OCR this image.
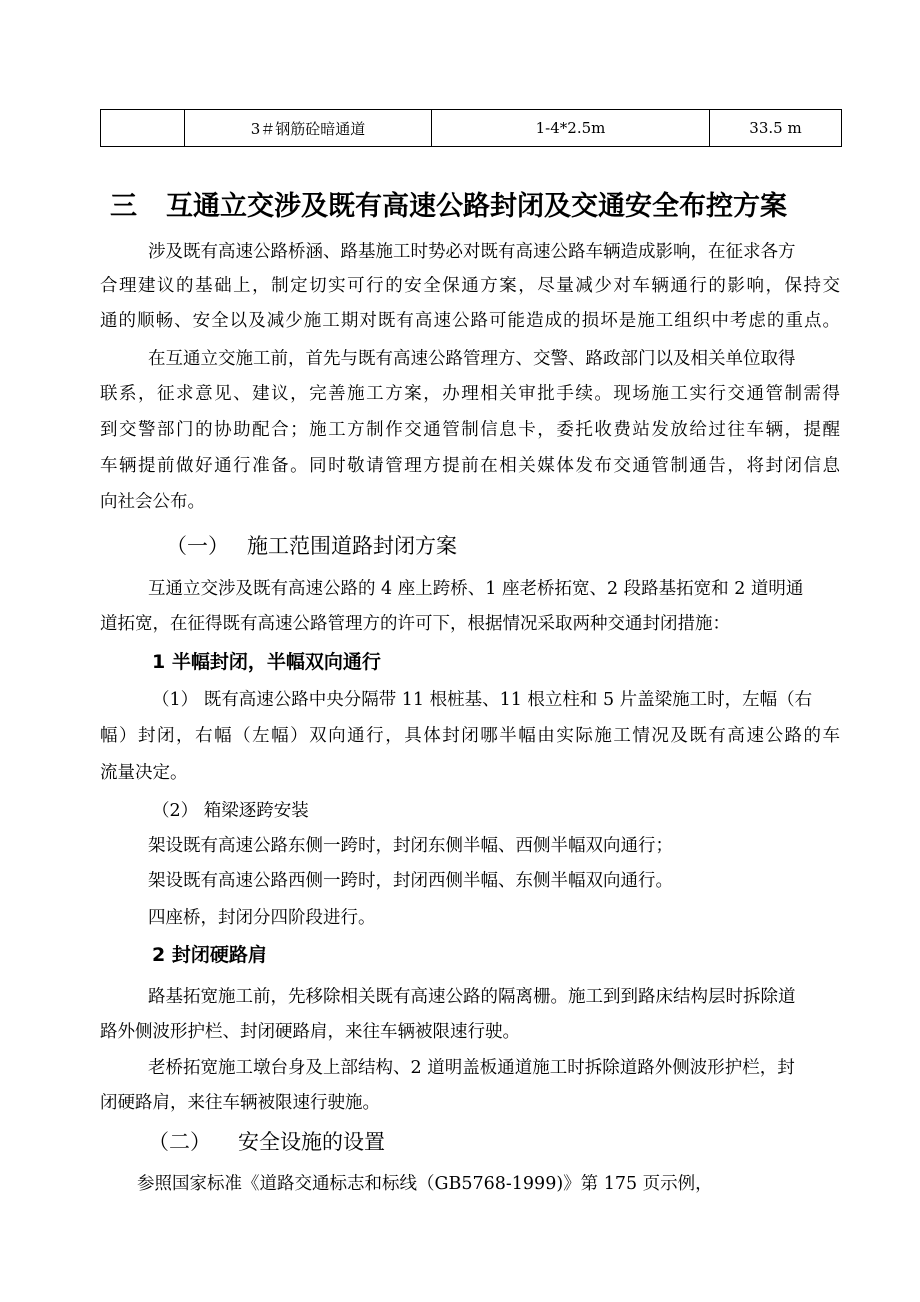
	3＃钢筋砼暗通道	1-4*2.5m	33.5 m
三 互通立交涉及既有高速公路封闭及交通安全布控方案
涉及既有高速公路桥涵、路基施工时势必对既有高速公路车辆造成影响，在征求各方
合理建议的基础上，制定切实可行的安全保通方案，尽量减少对车辆通行的影响，保持交
通的顺畅、安全以及减少施工期对既有高速公路可能造成的损坏是施工组织中考虑的重点。
在互通立交施工前，首先与既有高速公路管理方、交警、路政部门以及相关单位取得
联系，征求意见、建议，完善施工方案，办理相关审批手续。现场施工实行交通管制需得
到交警部门的协助配合；施工方制作交通管制信息卡，委托收费站发放给过往车辆，提醒
车辆提前做好通行准备。同时敬请管理方提前在相关媒体发布交通管制通告，将封闭信息
向社会公布。
（一） 施工范围道路封闭方案
互通立交涉及既有高速公路的 4 座上跨桥、1 座老桥拓宽、2 段路基拓宽和 2 道明通
道拓宽，在征得既有高速公路管理方的许可下，根据情况采取两种交通封闭措施：
1 半幅封闭，半幅双向通行
（1） 既有高速公路中央分隔带 11 根桩基、11 根立柱和 5 片盖梁施工时，左幅（右
幅）封闭，右幅（左幅）双向通行，具体封闭哪半幅由实际施工情况及既有高速公路的车
流量决定。
（2） 箱梁逐跨安装
架设既有高速公路东侧一跨时，封闭东侧半幅、西侧半幅双向通行；
架设既有高速公路西侧一跨时，封闭西侧半幅、东侧半幅双向通行。
四座桥，封闭分四阶段进行。
2 封闭硬路肩
路基拓宽施工前，先移除相关既有高速公路的隔离栅。施工到到路床结构层时拆除道
路外侧波形护栏、封闭硬路肩，来往车辆被限速行驶。
老桥拓宽施工墩台身及上部结构、2 道明盖板通道施工时拆除道路外侧波形护栏，封
闭硬路肩，来往车辆被限速行驶施。
（二） 安全设施的设置
参照国家标准《道路交通标志和标线（GB5768-1999)》第 175 页示例，
